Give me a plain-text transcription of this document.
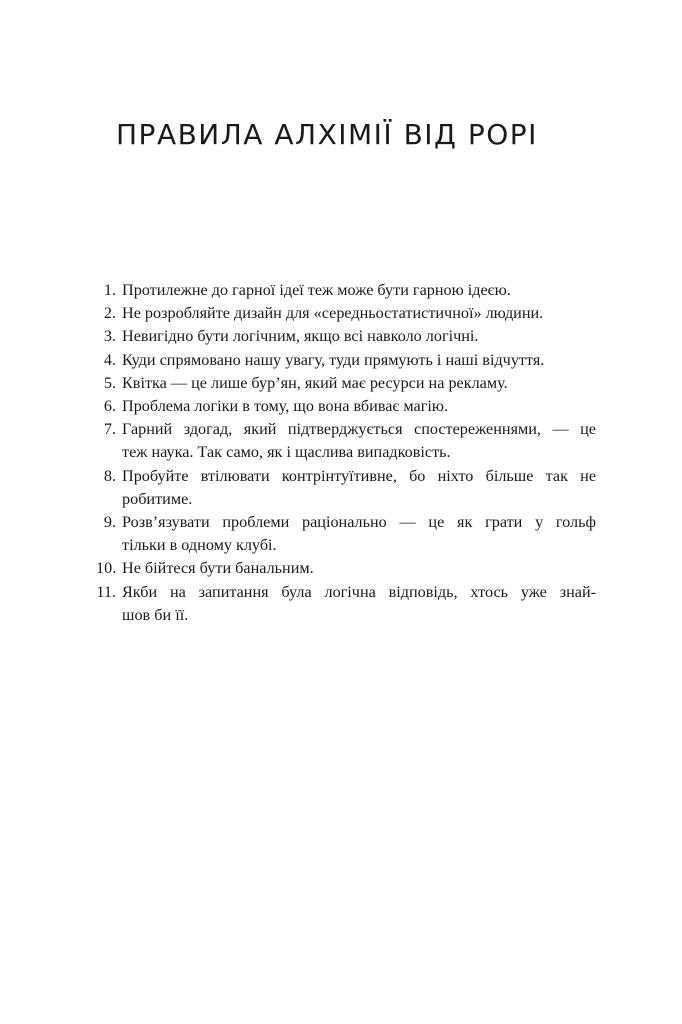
ПРАВИЛА АЛХІМІЇ ВІД РОРІ
1. Протилежне до гарної ідеї теж може бути гарною ідеєю.
2. Не розробляйте дизайн для «середньостатистичної» людини.
3. Невигідно бути логічним, якщо всі навколо логічні.
4. Куди спрямовано нашу увагу, туди прямують і наші відчуття.
5. Квітка — це лише бур’ян, який має ресурси на рекламу.
6. Проблема логіки в тому, що вона вбиває магію.
7. Гарний здогад, який підтверджується спостереженнями, — це
теж наука. Так само, як і щаслива випадковість.
8. Пробуйте втілювати контрінтуїтивне, бо ніхто більше так не
робитиме.
9. Розв’язувати проблеми раціонально — це як грати у гольф
тільки в одному клубі.
10. Не бійтеся бути банальним.
11. Якби на запитання була логічна відповідь, хтось уже знай-
шов би її.
